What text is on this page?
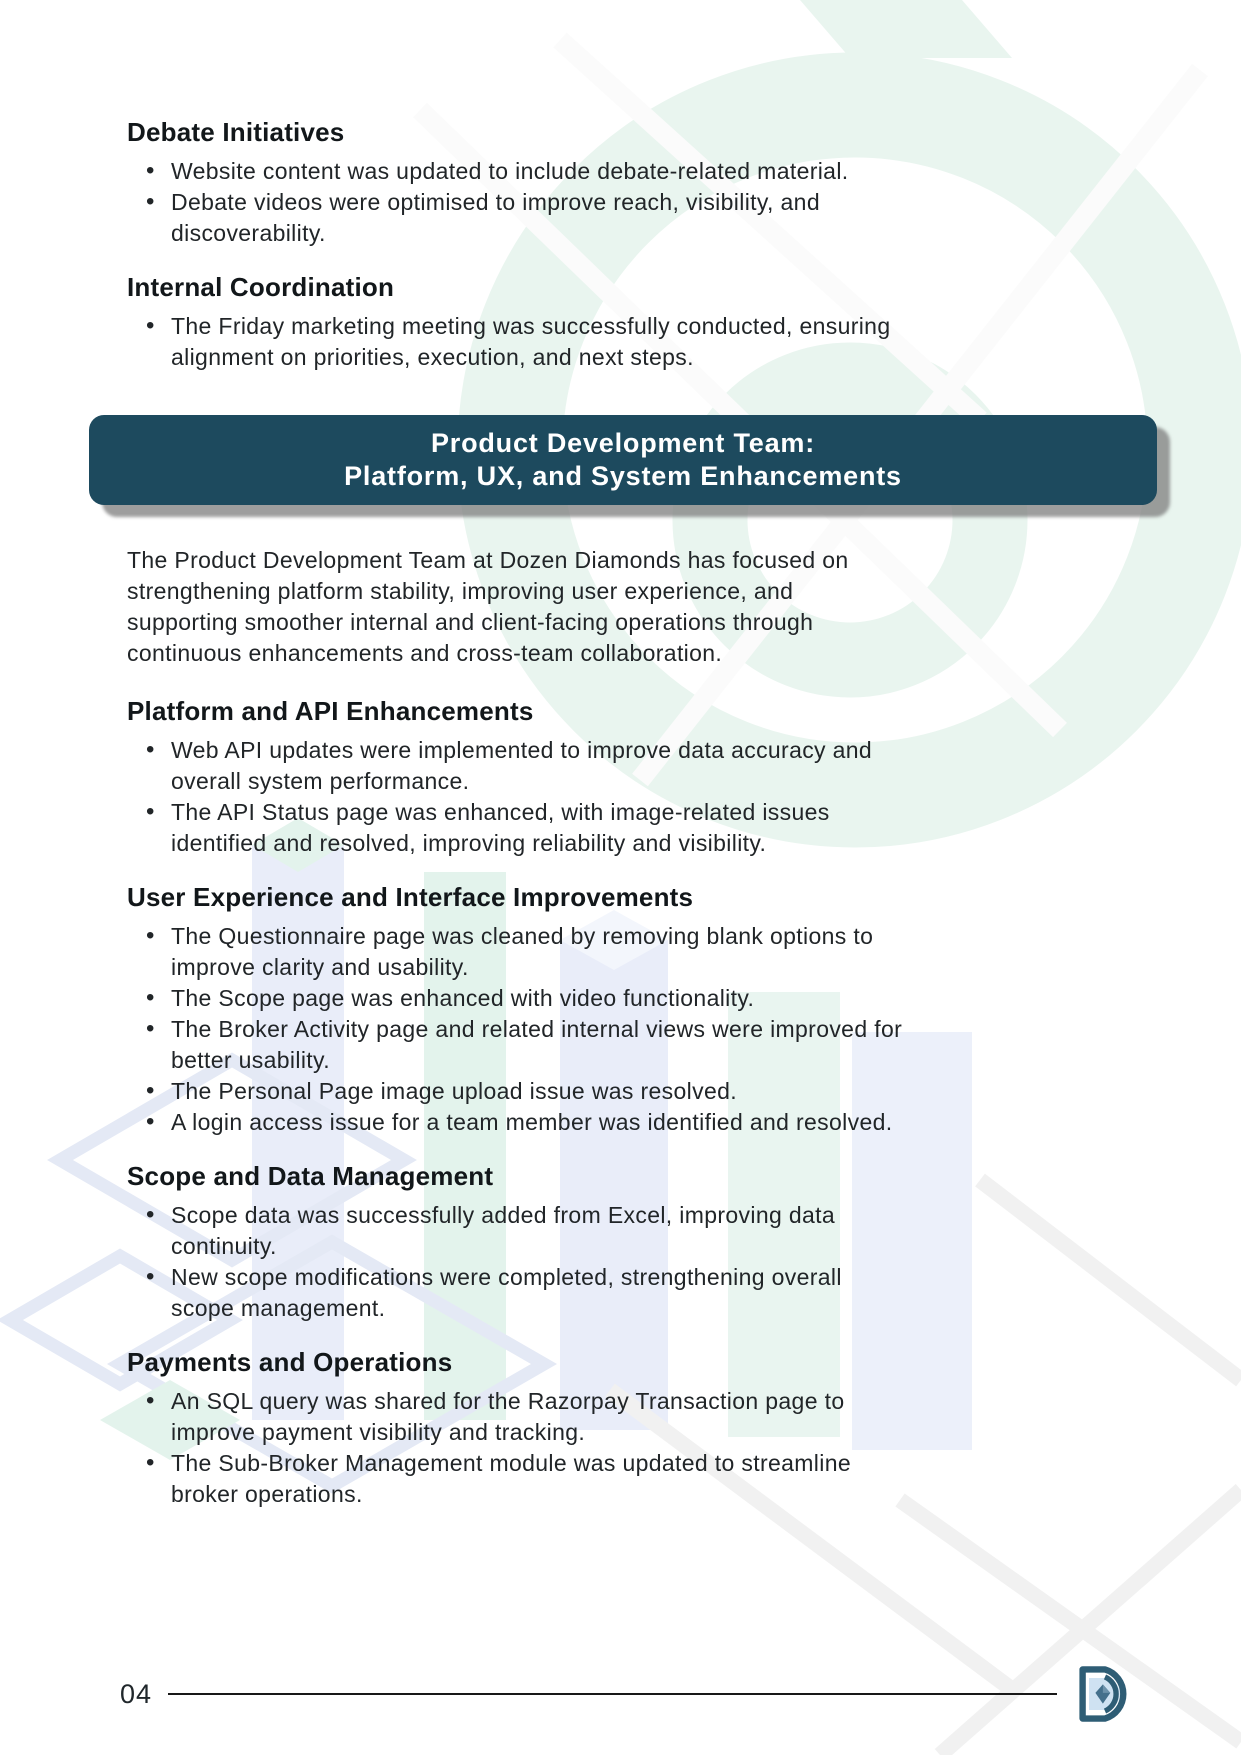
Debate Initiatives
• Website content was updated to include debate-related material.
• Debate videos were optimised to improve reach, visibility, and
discoverability.
Internal Coordination
• The Friday marketing meeting was successfully conducted, ensuring
alignment on priorities, execution, and next steps.
Product Development Team:
Platform, UX, and System Enhancements

The Product Development Team at Dozen Diamonds has focused on
strengthening platform stability, improving user experience, and
supporting smoother internal and client-facing operations through
continuous enhancements and cross-team collaboration.

Platform and API Enhancements
• Web API updates were implemented to improve data accuracy and
overall system performance.
• The API Status page was enhanced, with image-related issues
identified and resolved, improving reliability and visibility.
User Experience and Interface Improvements
• The Questionnaire page was cleaned by removing blank options to
improve clarity and usability.
• The Scope page was enhanced with video functionality.
• The Broker Activity page and related internal views were improved for
better usability.
• The Personal Page image upload issue was resolved.
• A login access issue for a team member was identified and resolved.
Scope and Data Management
• Scope data was successfully added from Excel, improving data
continuity.
• New scope modifications were completed, strengthening overall
scope management.
Payments and Operations
• An SQL query was shared for the Razorpay Transaction page to
improve payment visibility and tracking.
• The Sub-Broker Management module was updated to streamline
broker operations.
04
